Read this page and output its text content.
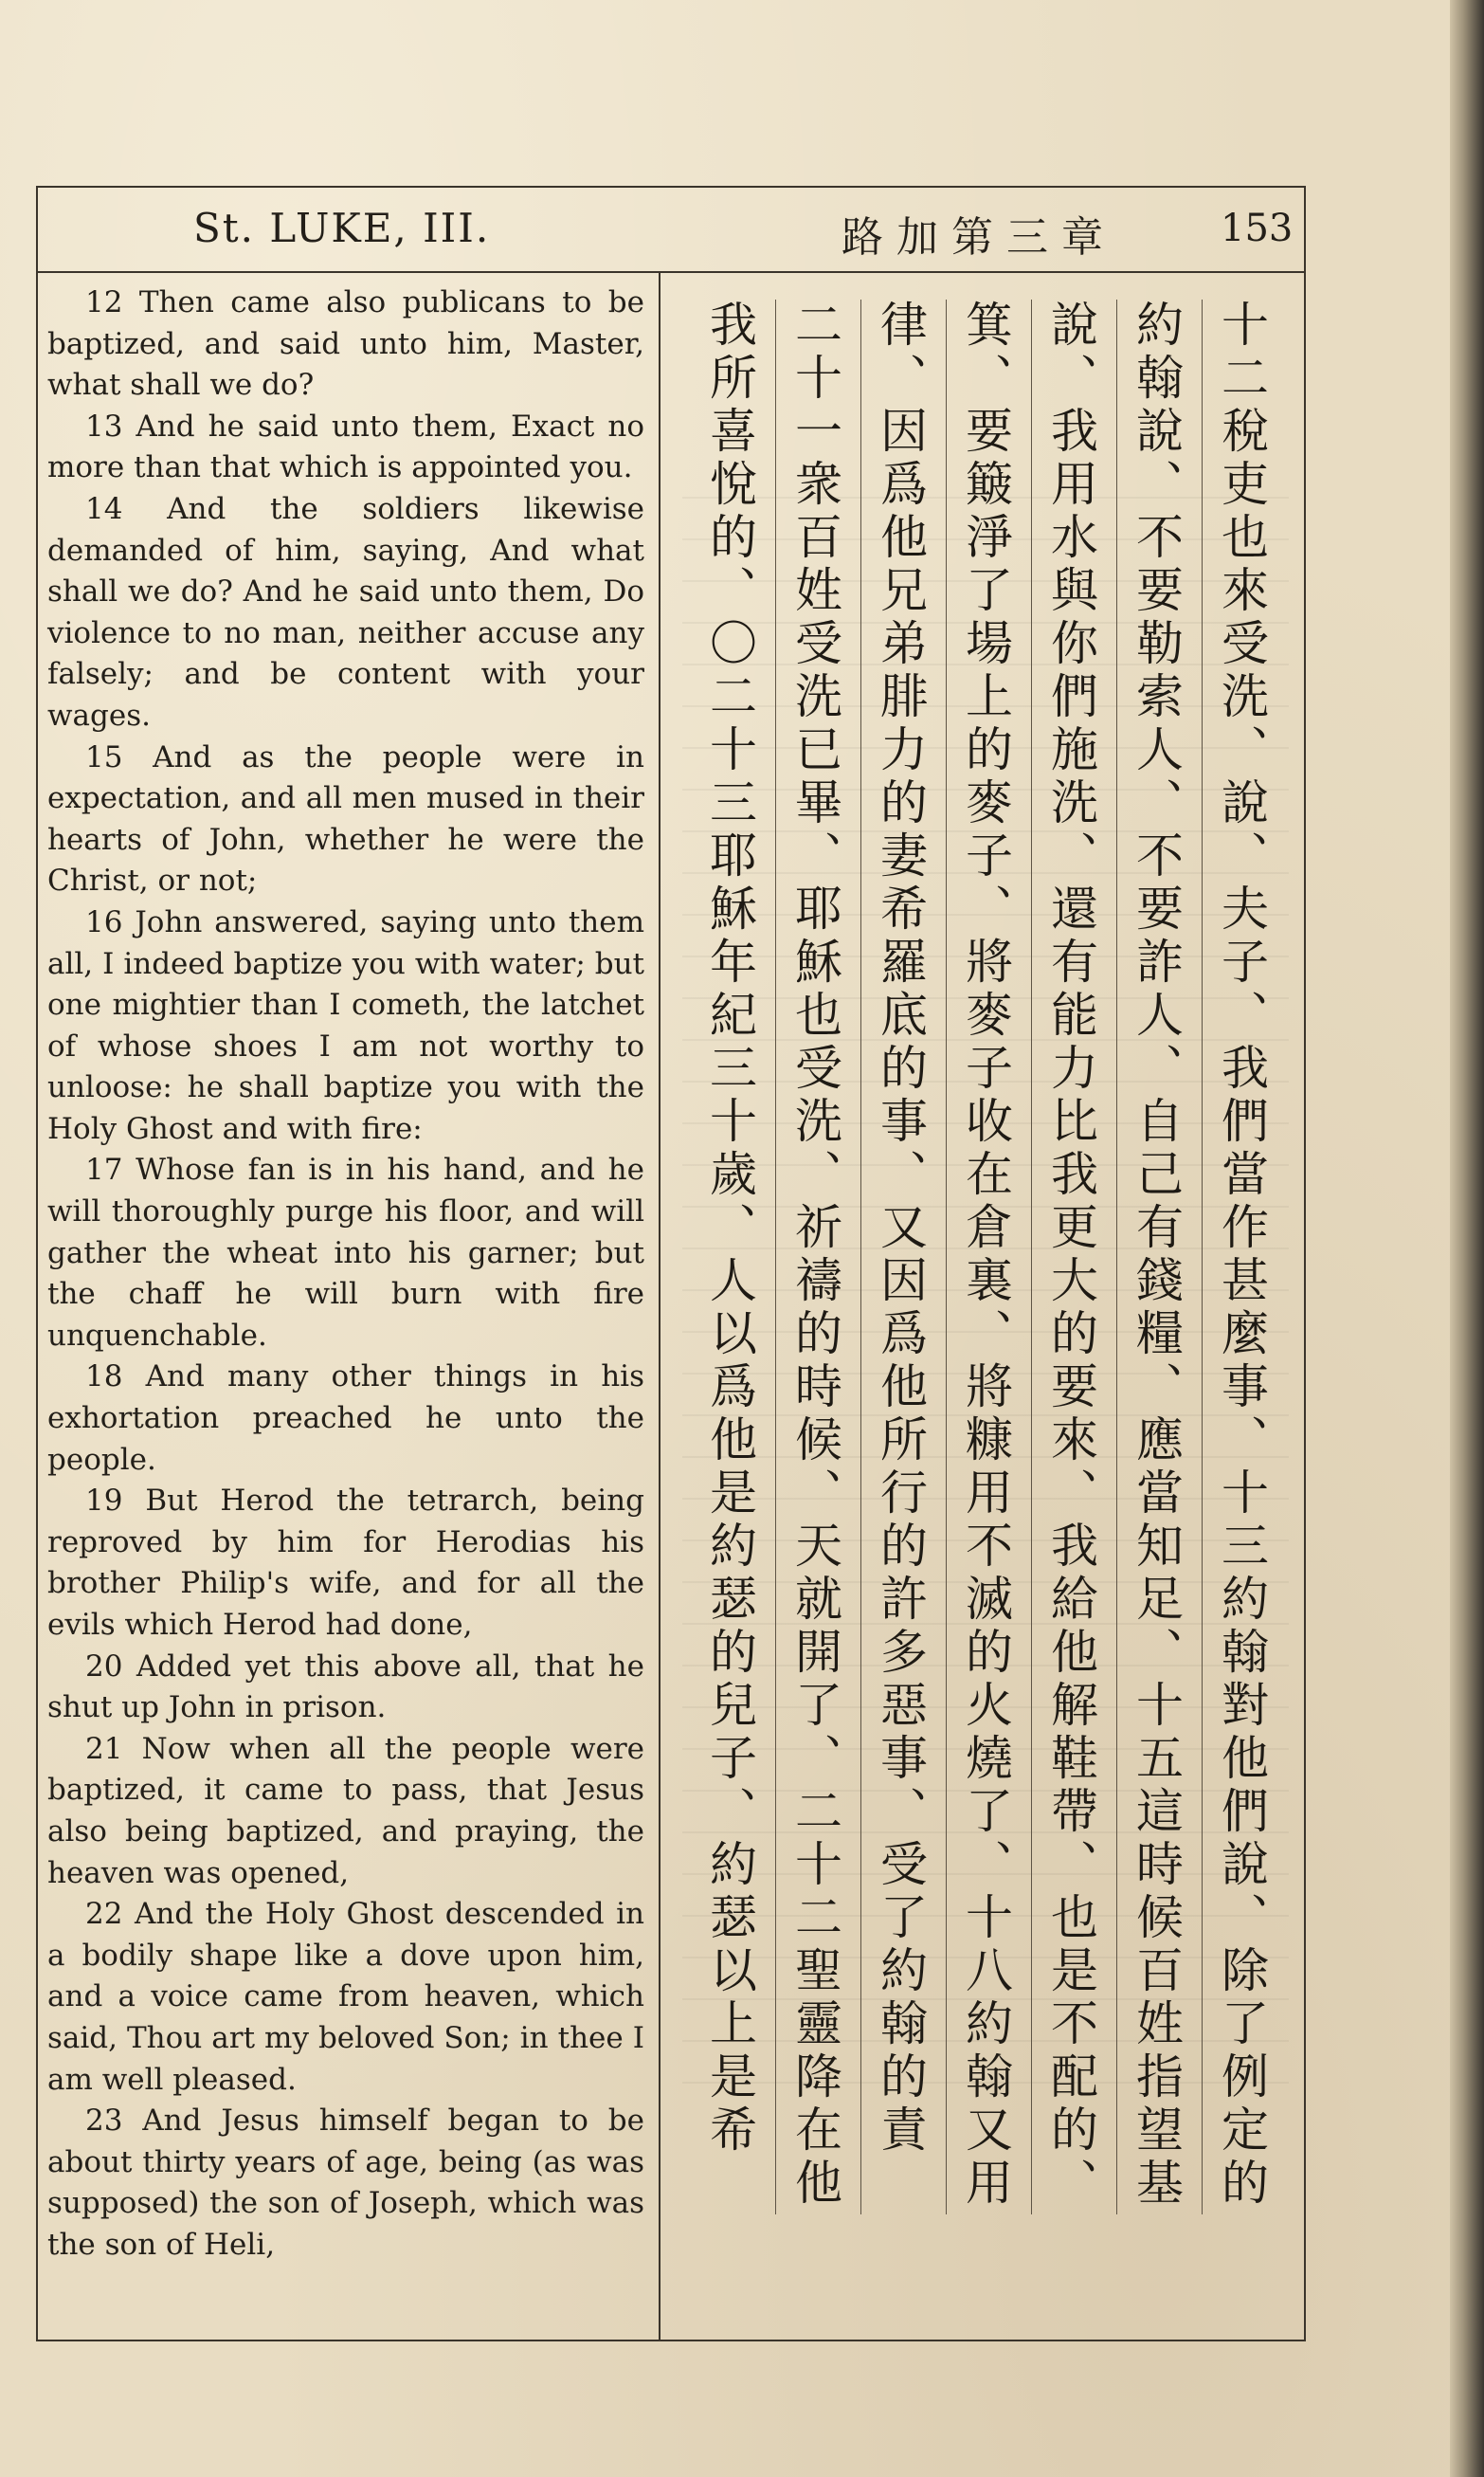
St. LUKE, III.	路加第三章	153

12 Then came also publicans to be baptized, and said unto him, Master, what shall we do?

13 And he said unto them, Exact no more than that which is appointed you.

14 And the soldiers likewise demanded of him, saying, And what shall we do? And he said unto them, Do violence to no man, neither accuse any falsely; and be content with your wages.

15 And as the people were in expectation, and all men mused in their hearts of John, whether he were the Christ, or not;

16 John answered, saying unto them all, I indeed baptize you with water; but one mightier than I cometh, the latchet of whose shoes I am not worthy to unloose: he shall baptize you with the Holy Ghost and with fire:

17 Whose fan is in his hand, and he will thoroughly purge his floor, and will gather the wheat into his garner; but the chaff he will burn with fire unquenchable.

18 And many other things in his exhortation preached he unto the people.

19 But Herod the tetrarch, being reproved by him for Herodias his brother Philip's wife, and for all the evils which Herod had done,

20 Added yet this above all, that he shut up John in prison.

21 Now when all the people were baptized, it came to pass, that Jesus also being baptized, and praying, the heaven was opened,

22 And the Holy Ghost descended in a bodily shape like a dove upon him, and a voice came from heaven, which said, Thou art my beloved Son; in thee I am well pleased.

23 And Jesus himself began to be about thirty years of age, being (as was supposed) the son of Joseph, which was the son of Heli,

十二稅吏也來受洗、說、夫子、我們當作甚麼事、十三約翰對他們說、除了例定的
約翰說、不要勒索人、不要詐人、自己有錢糧、應當知足、十五這時候百姓指望基
說、我用水與你們施洗、還有能力比我更大的要來、我給他解鞋帶、也是不配的、
箕、要簸淨了場上的麥子、將麥子收在倉裏、將糠用不滅的火燒了、十八約翰又用
律、因爲他兄弟腓力的妻希羅底的事、又因爲他所行的許多惡事、受了約翰的責
二十一衆百姓受洗已畢、耶穌也受洗、祈禱的時候、天就開了、二十二聖靈降在他
我所喜悅的、〇二十三耶穌年紀三十歲、人以爲他是約瑟的兒子、約瑟以上是希
